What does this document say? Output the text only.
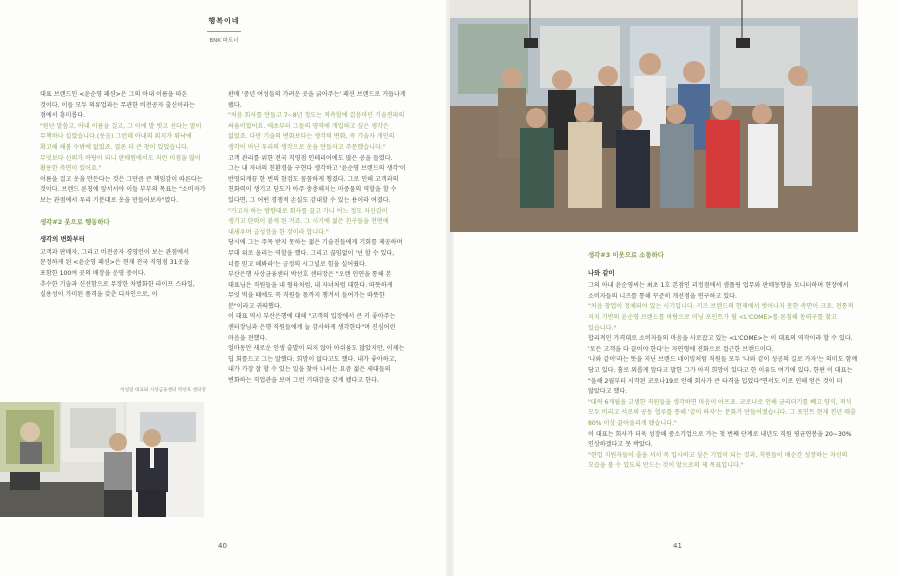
행복이네
BNK 파트너

대표 브랜드인 <윤순영 패션>은 그의 아내 이름을 따온 것이다. 이들 모두 의류업과는 무관한 비전공자 출신이라는 점에서 흥미롭다.

"원단 말씀고, 아내 이름을 걸고, 그 이에 발 벗고 선다는 말이 무책하나 실었습니다.(웃음) 그런데 아내의 외지가 워낙에 확고해 해볼 수밖에 없었죠. 결론 더 큰 창이 있었습니다. 무엇보다 신뢰가 바탕이 되니 판매원에서도 지런 이점을 많이 활용한 측면이 있어요."

이름을 걸고 옷을 만든다는 것은 그만큼 큰 책임감이 따른다는 것이다. 브랜드 론칭에 앞서서야 이들 부부의 목표는 "소비자가 보는 관점에서 우리 기분대로 옷을 만들어보자"였다.

생각#2 옷으로 행동하다
생각의 변화부터

고객과 판매자, 그리고 비전공자 경영인이 보는 관점에서 문정하게 된 <윤순영 패션>은 현재 전국 직영점 31곳을 포함한 100여 곳의 매장을 운영 중이다.

추수한 기술과 신선함으로 무장한 차별화한 라이프 스타일, 실용성이 가미된 품격을 갖춘 디자인으로, 이

이일달 대표와 사상금융센터 박선호 센터장

판매 '중년 여성들의 가려운 곳을 긁어주는' 패션 브랜드로 거듭나게 됐다.

"처음 회사를 만들고 7~8년 정도는 적측할에 걸음마던 기술전파의 싸움이었어요. 애초부터 그들의 영역에 개입하고 싶은 생각은 없었죠. 다만 기술의 변화보다는 생각의 변화, 즉 기술자 개인의 생각이 아닌 우리의 생각으로 옷을 만들자고 주문했습니다."

고객 관리를 위한 전국 직영점 인테리어에도 많은 공을 들였다. 그는 내 자녀의 친환경을 구현다 생각하고 '윤순영 브랜드의 생각'이 반영되게끔 한 번의 참검도 꼼꼼하게 챙겼다. 그로 인해 고객과의 친화력이 생기고 딛도가 아주 충충해지는 마중물의 역할을 할 수 있다면, 그 어떤 경쟁적 손실도 감내할 수 있는 용이라 여겼다.

"가고자 하는 방향대로 회사를 끌고 가니 어느 정도 자신감이 생기고 탄력이 붙게 된 거죠. 그 시기에 젊은 친구들을 전면에 내세우며 급성장을 한 것이라 합니다."

당시에 그는 주목 받지 못하는 젊은 기술진들에게 기회를 제공하며 무대 위로 올리는 역할을 했다. 그리고 끊임없이 '넌 할 수 있다, 너를 믿고 해봐라'는 긍정의 시그널로 힘을 실어줬다.

부산은행 사상금융센터 박선호 센터장은 "오랜 인연을 통해 본 대표님은 직원들을 내 혈육처럼, 내 자녀처럼 대한다. 따뜻하게 무엇 먹을 때에도 꼭 직원들 몫까지 챙겨서 들여가는 따뜻한 분"이라고 귀띄했다.

이 대표 역시 부산은행에 대해 "고객의 입장에서 큰 키 좋아주는 센터장님과 은행 직원들에게 늘 감사하게 생각한다"며 진심어린 마음을 전했다.

얼마동안 새로운 인생 출발이 되지 않아 아쉬움도 많았지만, 이제는 딥 회를드고 그는 말했다. 희망이 없다고도 했다. 내가 좋아하고, 내가 가장 잘 할 수 있는 일을 찾아 나서는 요즘 젊은 세대들의 변화하는 직업관을 보며 그런 기대감을 갖게 됐다고 한다.

40
생각#3 이웃으로 소통하다
나와 같이

그의 아내 윤순영씨는 최초 1호 본점인 괴정점에서 샘플링 업무와 판매동향을 모니터하며 현장에서 소비자들의 니즈를 통해 꾸준히 개선점을 연구하고 있다.

"처음 창업이 정체되어 있는 시기입니다. 키즈 브랜드의 현재에서 벗어나지 못한 측면이 크죠. 전통적 지지 기반의 윤순영 브랜드를 바탕으로 미닝 포인트가 될 <L'COME>를 론칭해 동력구를 찾고 있습니다."

합리적인 가격대로 소비자들의 마음을 사로잡고 있는 <L'COME>는 이 대표의 역작이라 할 수 있다. '모든 고객을 다 끌어야 한다'는 자연형에 진화으로 접근한 브랜드이다.

'나와 같이'라는 뜻을 지닌 브랜드 네이밍처럼 직원들 모두 '나와 같이 성공의 길로 가자'는 의미도 함께 담고 있다. 홀로 외롭게 앞다고 말한 그가 아직 희망이 있다고 한 이유도 여기에 있다. 한편 이 대표는 "올해 2월부터 시작된 코로나19로 인해 회사가 큰 타격을 입었다"면서도 이로 인해 얻은 것이 더 많았다고 했다.

"대략 6개월을 고생한 직원들을 생각하면 마음이 아프죠. 코로나로 인해 금리더기를 빼고 양식, 적식 모두 비리고 서로의 공동 협루를 통해 '같이 하자'는 문화가 만들어졌습니다. 그 포인트 현재 전년 매출 80% 이상 끌어올리게 됐습니다."

이 대표는 회사가 더욱 성장해 중소기업으로 가는 첫 번째 단계로 내년도 직원 평균연봉을 20~30% 인상하겠다고 못 박았다.

"현업 지원자들이 줄을 서서 꼭 입사하고 싶은 기업이 되는 것과, 직원들이 배순간 성장하는 자신의 모습을 볼 수 있도록 만드는 것이 앞으로의 제 목표입니다."

41
